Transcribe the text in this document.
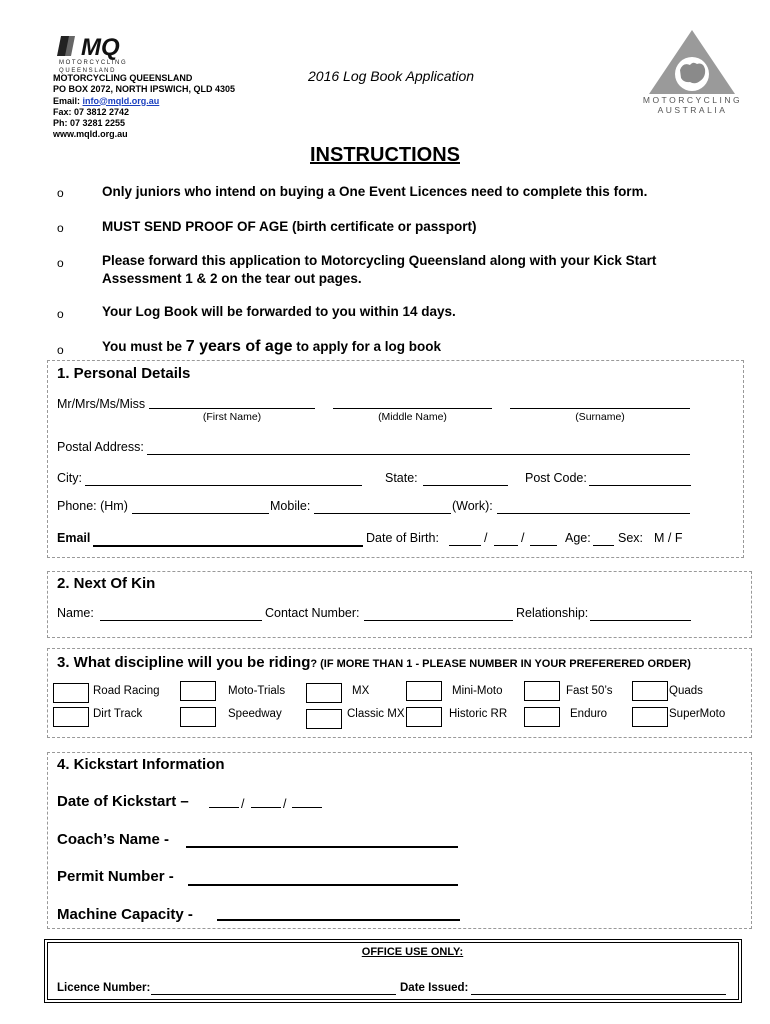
MQ
M O T O R C Y C L I N G
Q U E E N S L A N D
MOTORCYCLING QUEENSLAND
PO BOX 2072, NORTH IPSWICH, QLD 4305
Email: info@mqld.org.au
Fax: 07 3812 2742
Ph: 07 3281 2255
www.mqld.org.au
2016 Log Book Application
MOTORCYCLING
AUSTRALIA
INSTRUCTIONS
o	Only juniors who intend on buying a One Event Licences need to complete this form.
o	MUST SEND PROOF OF AGE (birth certificate or passport)
o	Please forward this application to Motorcycling Queensland along with your Kick Start
Assessment 1 & 2 on the tear out pages.
o	Your Log Book will be forwarded to you within 14 days.
o	You must be 7 years of age to apply for a log book
1. Personal Details
Mr/Mrs/Ms/Miss
(First Name)	(Middle Name)	(Surname)
Postal Address:
City:	State:	Post Code:
Phone: (Hm)	Mobile:	(Work):
Email	Date of Birth:	/	/	Age: Sex: M / F
2. Next Of Kin
Name:	Contact Number:	Relationship:
3. What discipline will you be riding? (IF MORE THAN 1 - PLEASE NUMBER IN YOUR PREFERERED ORDER)
Road Racing	Moto-Trials	MX	Mini-Moto	Fast 50’s	Quads
Dirt Track	Speedway	Classic MX	Historic RR	Enduro	SuperMoto
4. Kickstart Information
Date of Kickstart –	/	/
Coach’s Name -
Permit Number -
Machine Capacity -
OFFICE USE ONLY:
Licence Number:	Date Issued:
